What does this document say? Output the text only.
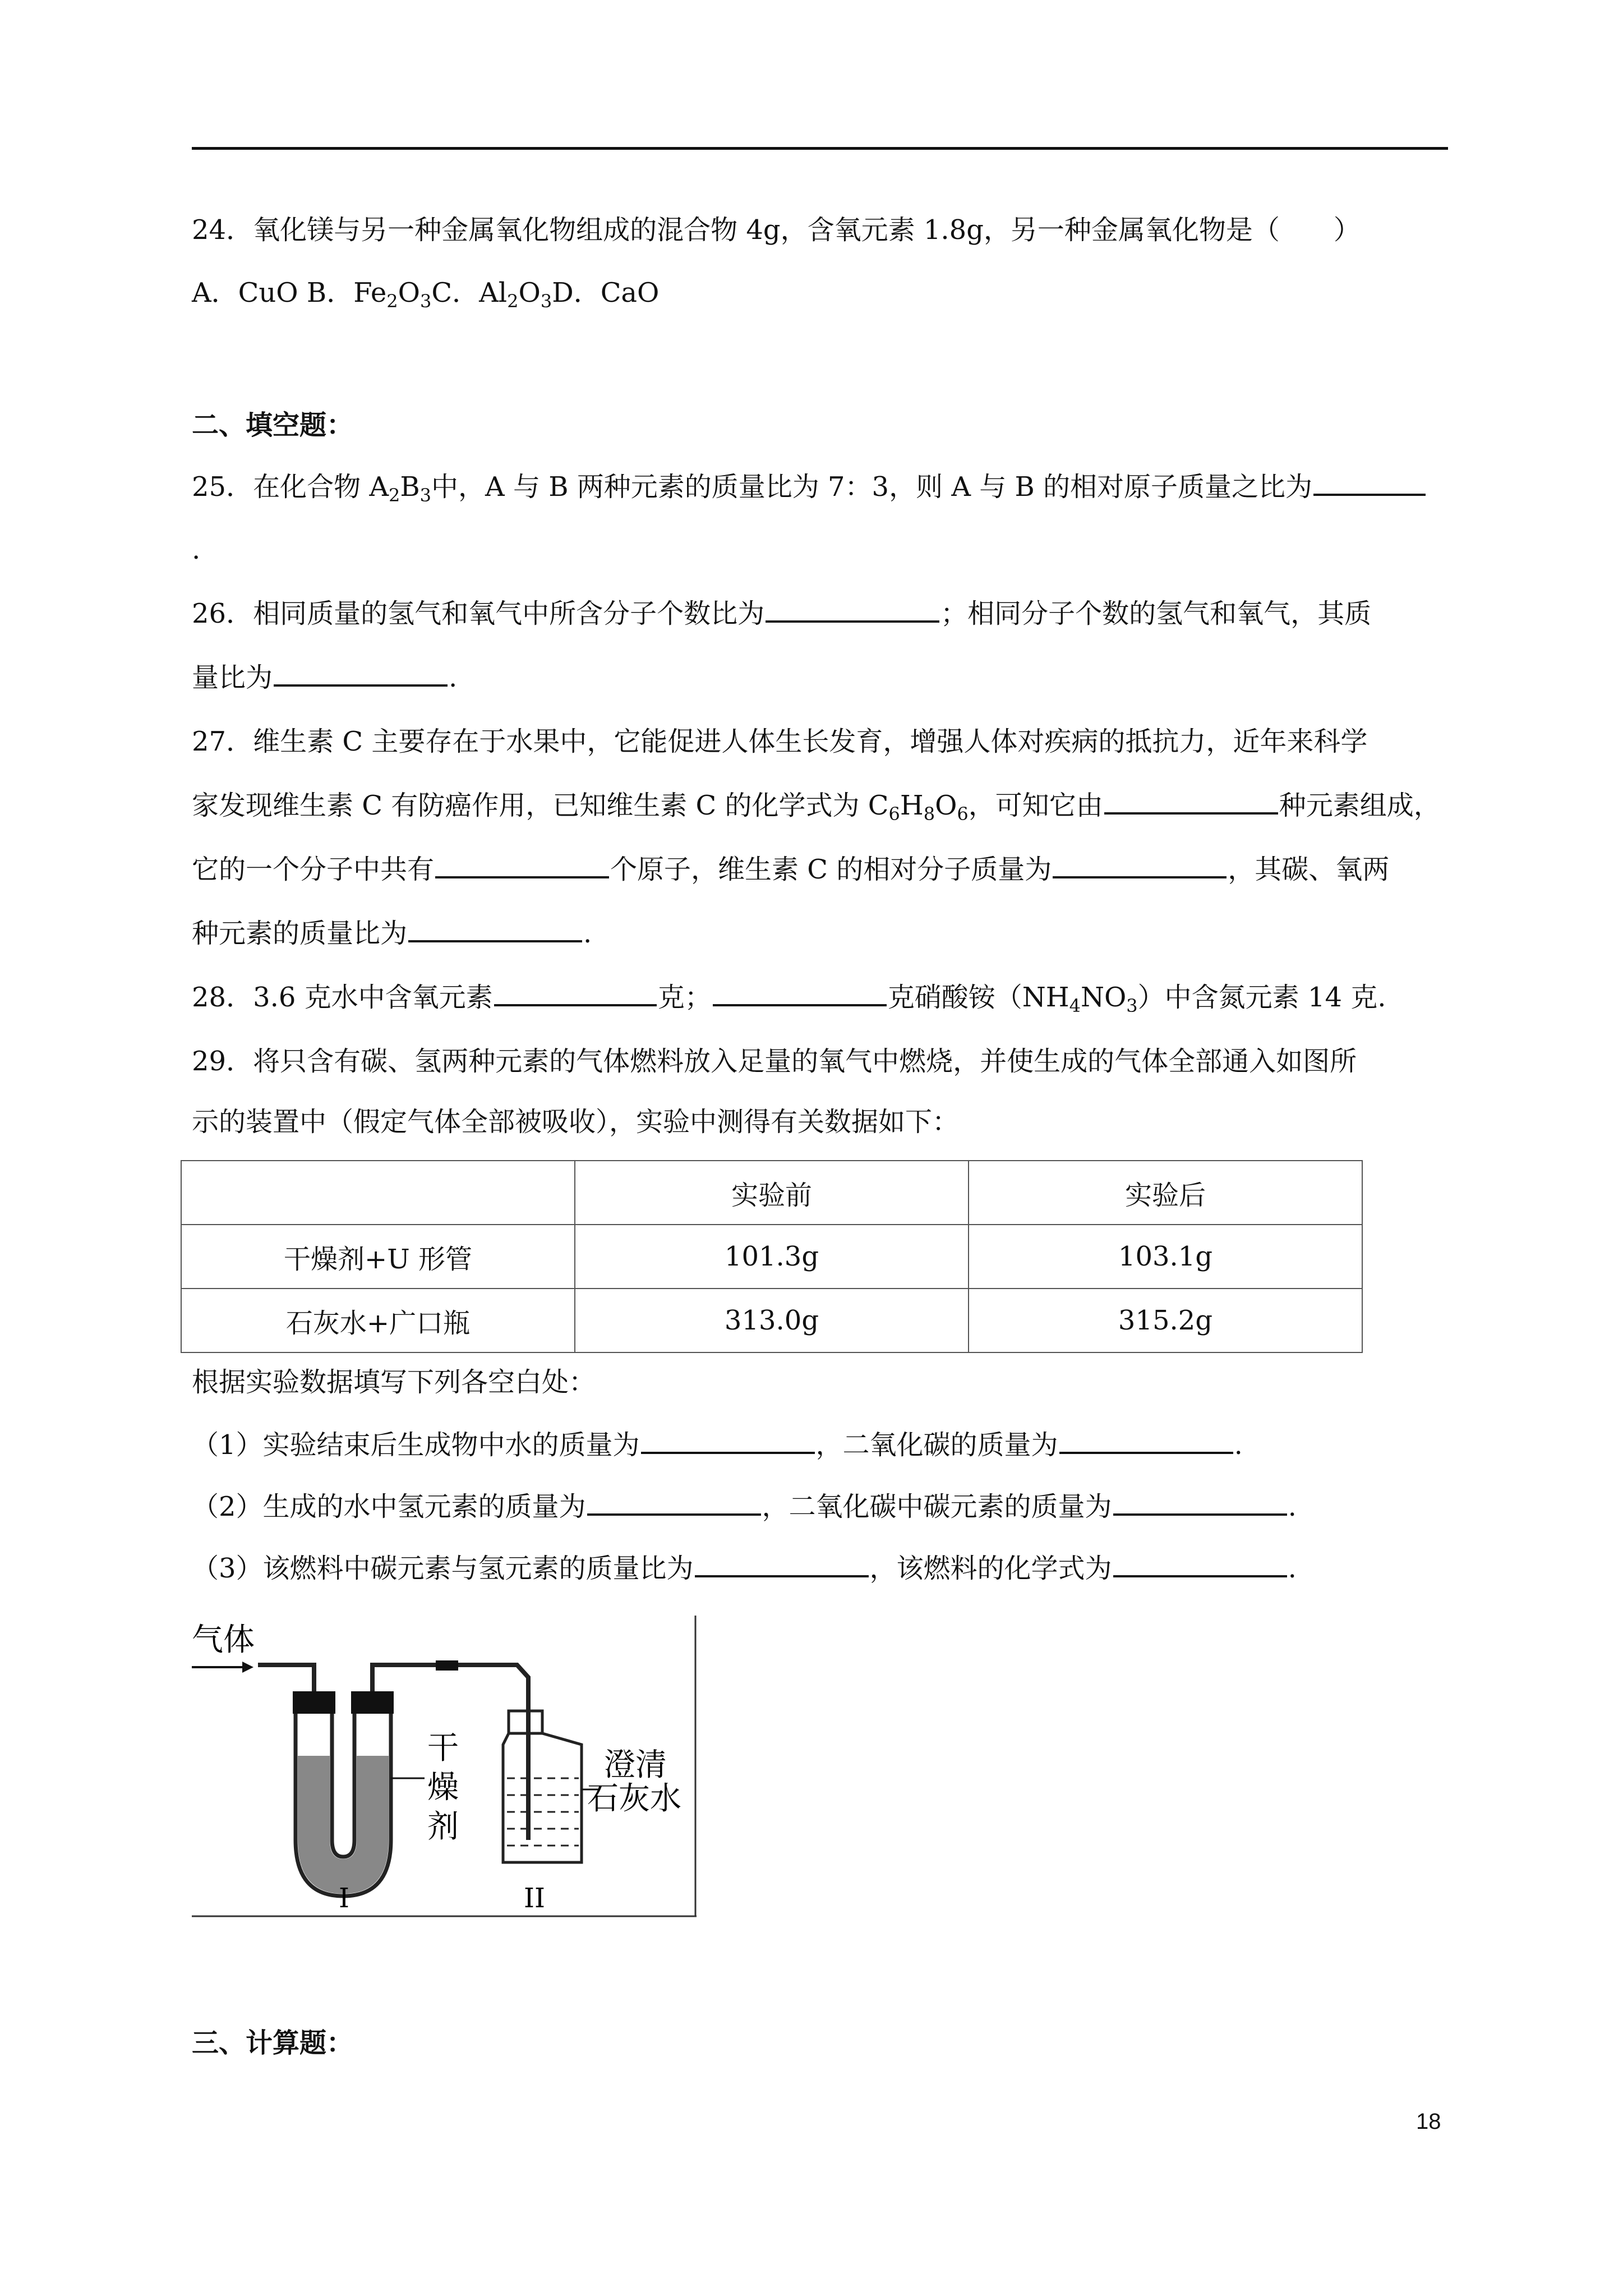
24．氧化镁与另一种金属氧化物组成的混合物 4g，含氧元素 1.8g，另一种金属氧化物是（　　）
A．CuO B．$Fe_2O_3C$．$Al_2O_3D$．CaO
二、填空题：
25．在化合物 $A_2B_3$中，A 与 B 两种元素的质量比为 7：3，则 A 与 B 的相对原子质量之比为
.
26．相同质量的氢气和氧气中所含分子个数比为	；相同分子个数的氢气和氧气，其质
量比为	.
27．维生素 C 主要存在于水果中，它能促进人体生长发育，增强人体对疾病的抵抗力，近年来科学
家发现维生素 C 有防癌作用，已知维生素 C 的化学式为 $C_6H_8O_6$，可知它由	种元素组成，
它的一个分子中共有	个原子，维生素 C 的相对分子质量为	，其碳、氧两
种元素的质量比为	.
28．3.6 克水中含氧元素	克；	克硝酸铵$(NH_4NO_3)$中含氮元素 14 克.
29．将只含有碳、氢两种元素的气体燃料放入足量的氧气中燃烧，并使生成的气体全部通入如图所
示的装置中（假定气体全部被吸收），实验中测得有关数据如下：
	实验前	实验后
干燥剂+U 形管	101.3g	103.1g
石灰水+广口瓶	313.0g	315.2g
根据实验数据填写下列各空白处：
（1）实验结束后生成物中水的质量为	，二氧化碳的质量为	.
（2）生成的水中氢元素的质量为	，二氧化碳中碳元素的质量为	.
（3）该燃料中碳元素与氢元素的质量比为	，该燃料的化学式为	.
气体
干
燥
剂
澄清
石灰水
I	II
三、计算题：
18
